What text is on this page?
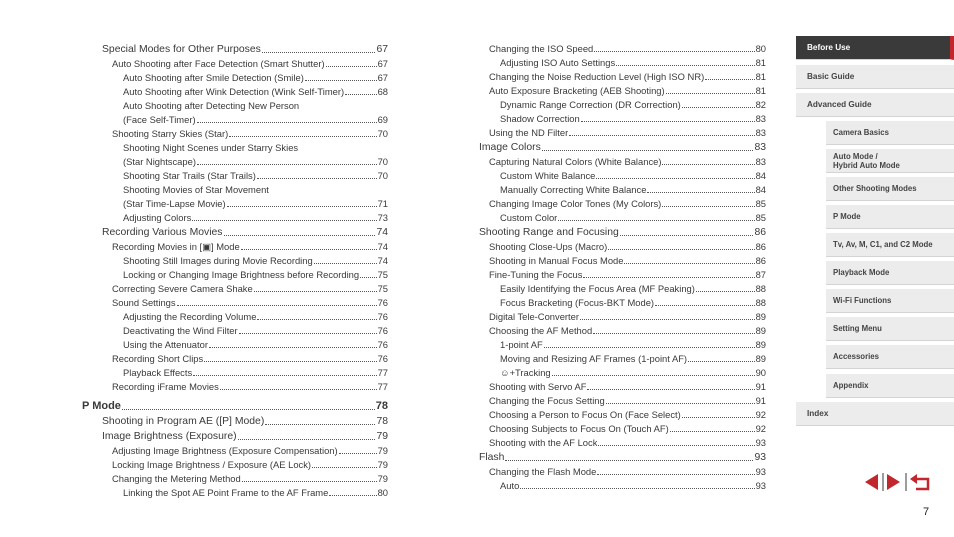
Special Modes for Other Purposes	67
Auto Shooting after Face Detection (Smart Shutter)	67
Auto Shooting after Smile Detection (Smile)	67
Auto Shooting after Wink Detection (Wink Self-Timer)	68
Auto Shooting after Detecting New Person
(Face Self-Timer)	69
Shooting Starry Skies (Star)	70
Shooting Night Scenes under Starry Skies
(Star Nightscape)	70
Shooting Star Trails (Star Trails)	70
Shooting Movies of Star Movement
(Star Time-Lapse Movie)	71
Adjusting Colors	73
Recording Various Movies	74
Recording Movies in [▣] Mode	74
Shooting Still Images during Movie Recording	74
Locking or Changing Image Brightness before Recording 75
Correcting Severe Camera Shake	75
Sound Settings	76
Adjusting the Recording Volume	76
Deactivating the Wind Filter	76
Using the Attenuator	76
Recording Short Clips	76
Playback Effects	77
Recording iFrame Movies	77
P Mode	78
Shooting in Program AE ([P] Mode)	78
Image Brightness (Exposure)	79
Adjusting Image Brightness (Exposure Compensation)	79
Locking Image Brightness / Exposure (AE Lock)	79
Changing the Metering Method	79
Linking the Spot AE Point Frame to the AF Frame	80
Changing the ISO Speed	80
Adjusting ISO Auto Settings	81
Changing the Noise Reduction Level (High ISO NR)	81
Auto Exposure Bracketing (AEB Shooting)	81
Dynamic Range Correction (DR Correction)	82
Shadow Correction	83
Using the ND Filter	83
Image Colors	83
Capturing Natural Colors (White Balance)	83
Custom White Balance	84
Manually Correcting White Balance	84
Changing Image Color Tones (My Colors)	85
Custom Color	85
Shooting Range and Focusing	86
Shooting Close-Ups (Macro)	86
Shooting in Manual Focus Mode	86
Fine-Tuning the Focus	87
Easily Identifying the Focus Area (MF Peaking)	88
Focus Bracketing (Focus-BKT Mode)	88
Digital Tele-Converter	89
Choosing the AF Method	89
1-point AF	89
Moving and Resizing AF Frames (1-point AF)	89
☺+Tracking	90
Shooting with Servo AF	91
Changing the Focus Setting	91
Choosing a Person to Focus On (Face Select)	92
Choosing Subjects to Focus On (Touch AF)	92
Shooting with the AF Lock	93
Flash	93
Changing the Flash Mode	93
Auto	93
Before Use
Basic Guide
Advanced Guide
Camera Basics
Auto Mode /
Hybrid Auto Mode
Other Shooting Modes
P Mode
Tv, Av, M, C1, and C2 Mode
Playback Mode
Wi-Fi Functions
Setting Menu
Accessories
Appendix
Index
7
